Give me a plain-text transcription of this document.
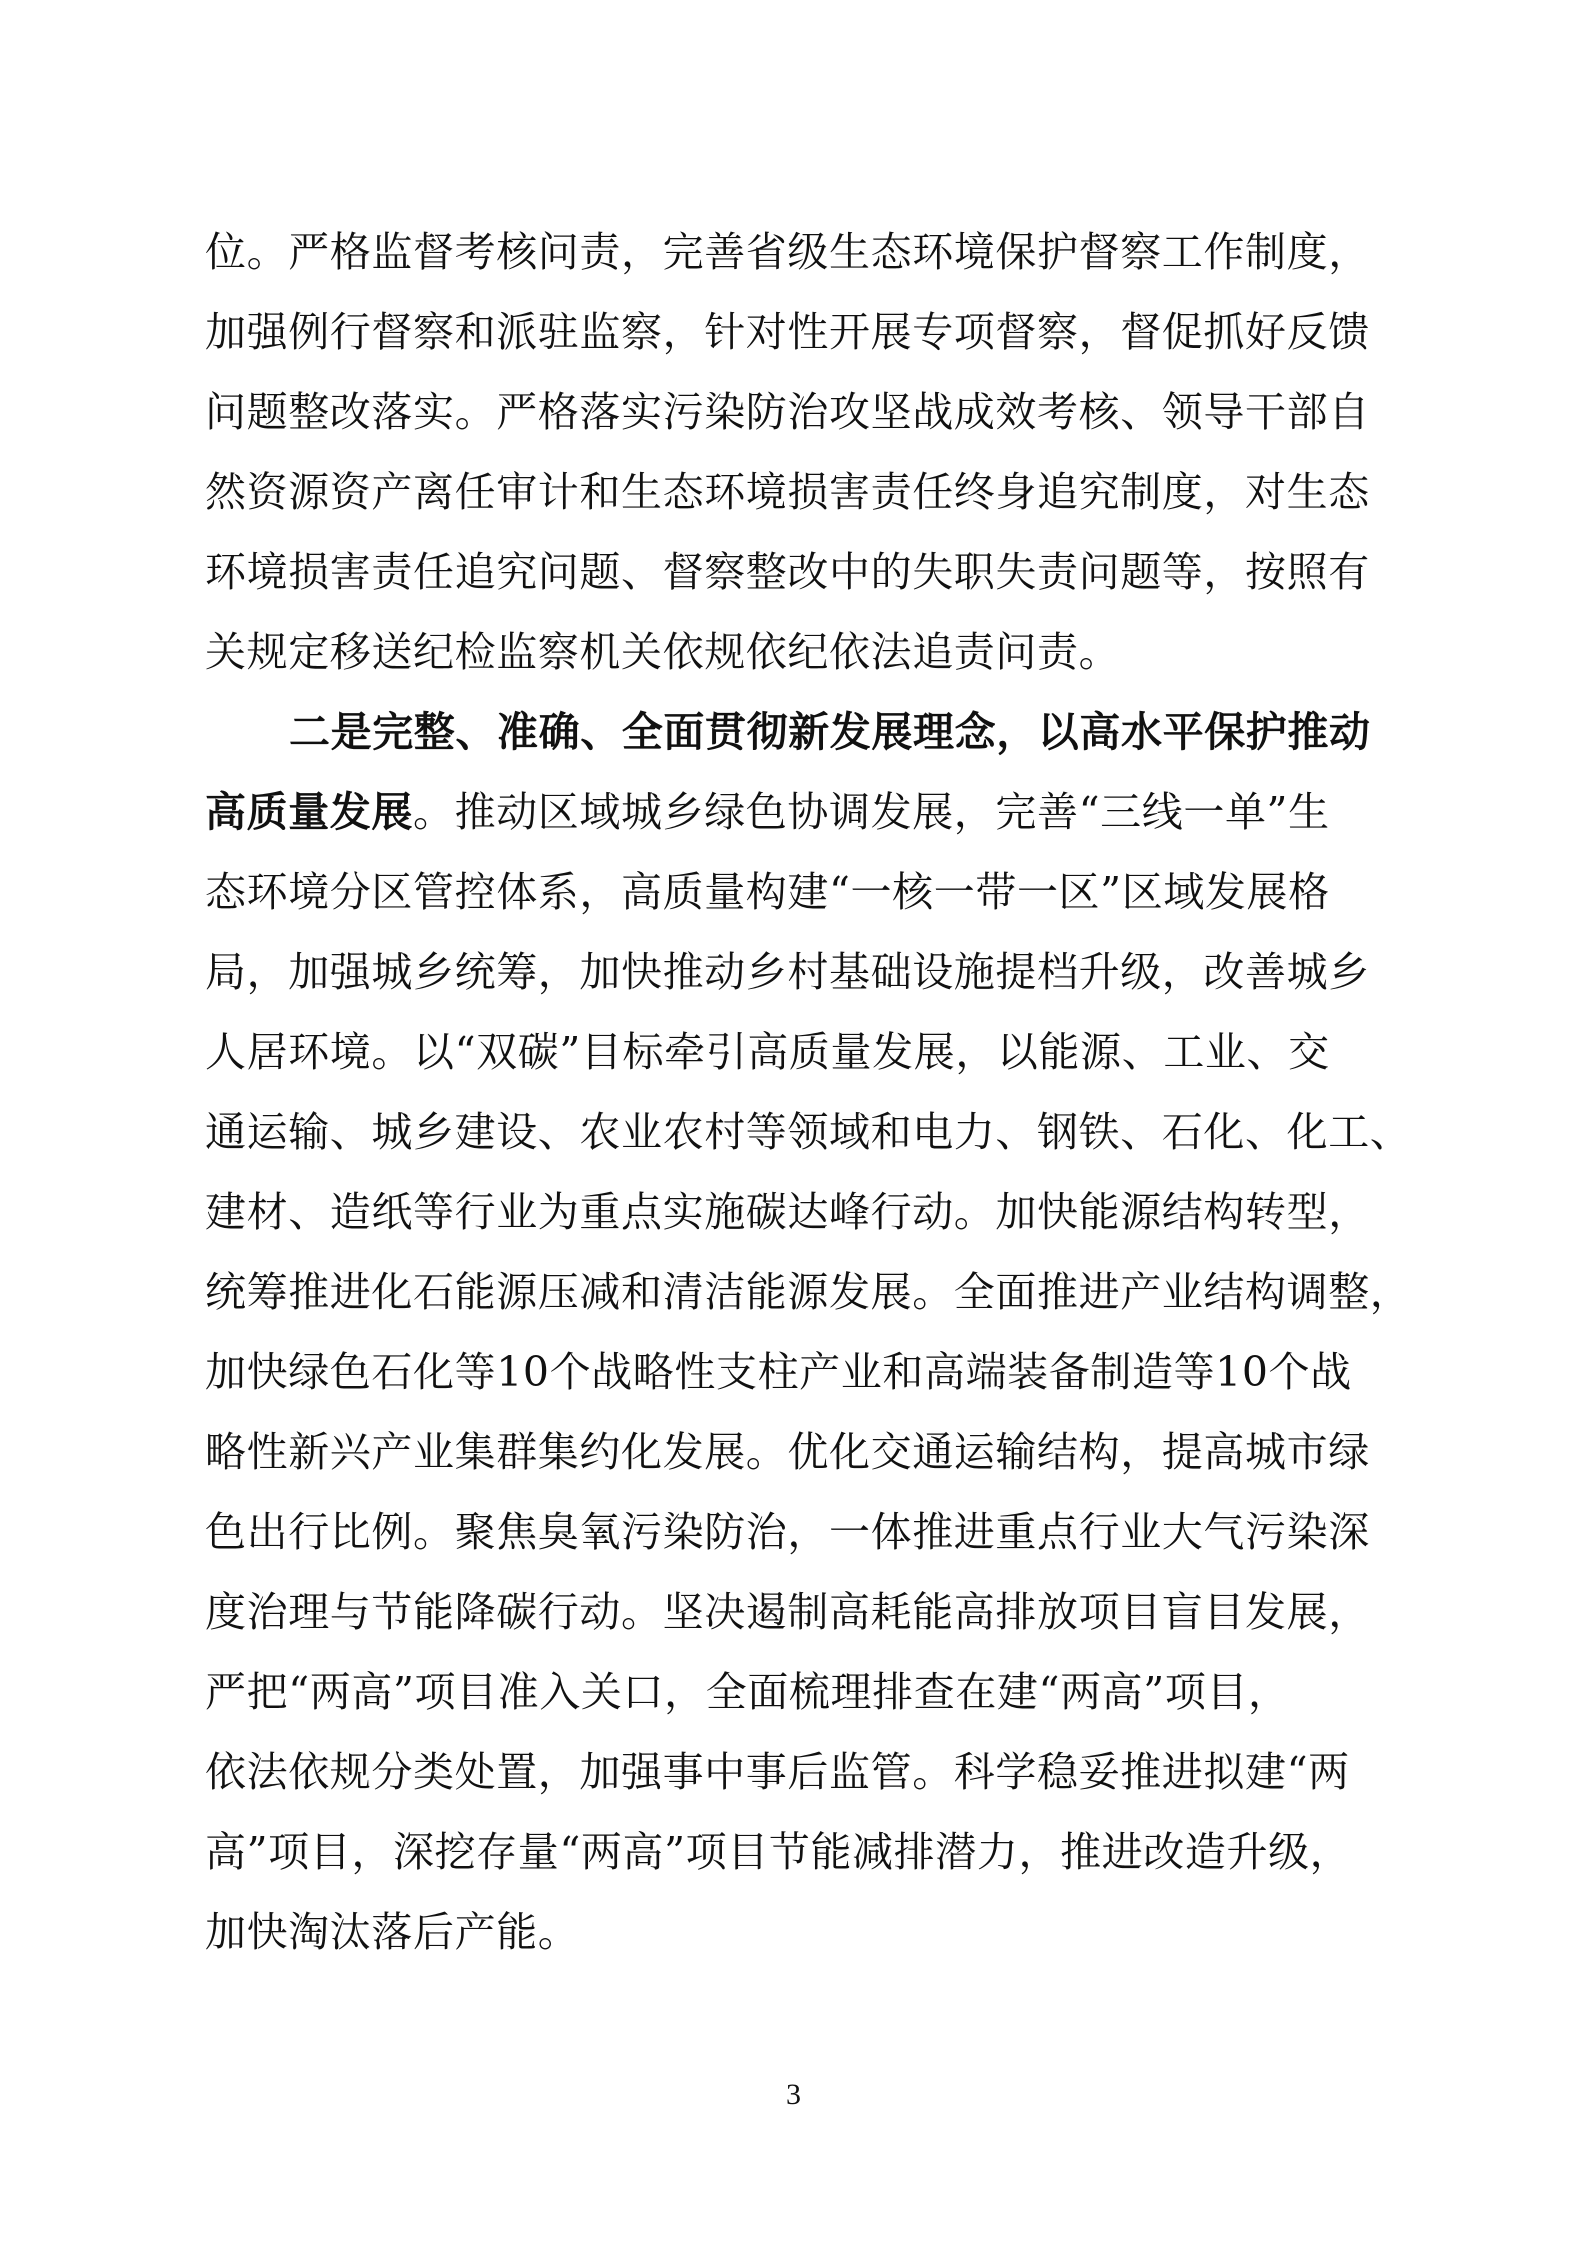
位。严格监督考核问责，完善省级生态环境保护督察工作制度，
加强例行督察和派驻监察，针对性开展专项督察，督促抓好反馈
问题整改落实。严格落实污染防治攻坚战成效考核、领导干部自
然资源资产离任审计和生态环境损害责任终身追究制度，对生态
环境损害责任追究问题、督察整改中的失职失责问题等，按照有
关规定移送纪检监察机关依规依纪依法追责问责。
二是完整、准确、全面贯彻新发展理念，以高水平保护推动
高质量发展。推动区域城乡绿色协调发展，完善“三线一单”生
态环境分区管控体系，高质量构建“一核一带一区”区域发展格
局，加强城乡统筹，加快推动乡村基础设施提档升级，改善城乡
人居环境。以“双碳”目标牵引高质量发展，以能源、工业、交
通运输、城乡建设、农业农村等领域和电力、钢铁、石化、化工、
建材、造纸等行业为重点实施碳达峰行动。加快能源结构转型，
统筹推进化石能源压减和清洁能源发展。全面推进产业结构调整，
加快绿色石化等10个战略性支柱产业和高端装备制造等10个战
略性新兴产业集群集约化发展。优化交通运输结构，提高城市绿
色出行比例。聚焦臭氧污染防治，一体推进重点行业大气污染深
度治理与节能降碳行动。坚决遏制高耗能高排放项目盲目发展，
严把“两高”项目准入关口，全面梳理排查在建“两高”项目，
依法依规分类处置，加强事中事后监管。科学稳妥推进拟建“两
高”项目，深挖存量“两高”项目节能减排潜力，推进改造升级，
加快淘汰落后产能。
3
